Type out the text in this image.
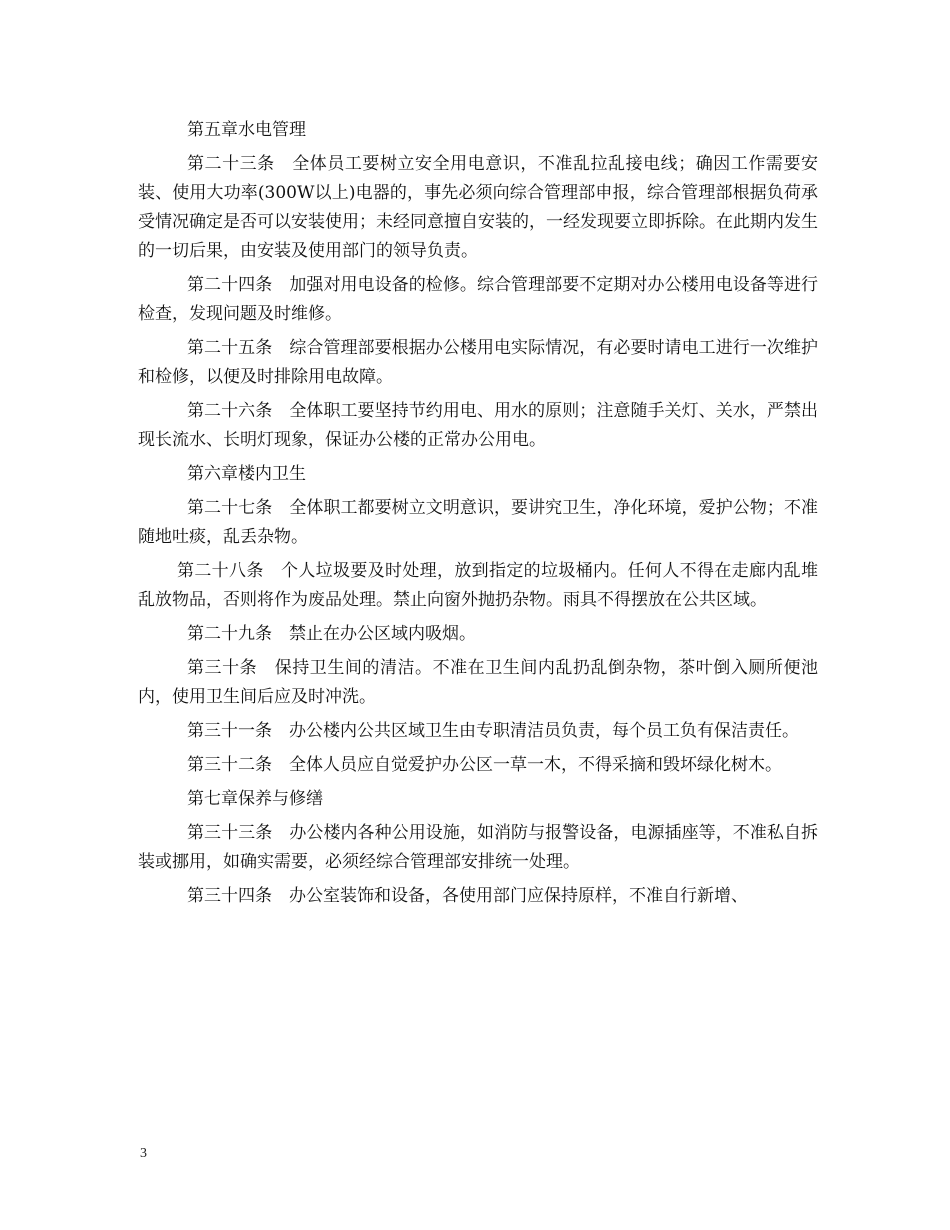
第五章水电管理

第二十三条　全体员工要树立安全用电意识，不准乱拉乱接电线；确因工作需要安装、使用大功率(300W以上)电器的，事先必须向综合管理部申报，综合管理部根据负荷承受情况确定是否可以安装使用；未经同意擅自安装的，一经发现要立即拆除。在此期内发生的一切后果，由安装及使用部门的领导负责。

第二十四条　加强对用电设备的检修。综合管理部要不定期对办公楼用电设备等进行检查，发现问题及时维修。

第二十五条　综合管理部要根据办公楼用电实际情况，有必要时请电工进行一次维护和检修，以便及时排除用电故障。

第二十六条　全体职工要坚持节约用电、用水的原则；注意随手关灯、关水，严禁出现长流水、长明灯现象，保证办公楼的正常办公用电。

第六章楼内卫生

第二十七条　全体职工都要树立文明意识，要讲究卫生，净化环境，爱护公物；不准随地吐痰，乱丢杂物。

第二十八条　个人垃圾要及时处理，放到指定的垃圾桶内。任何人不得在走廊内乱堆乱放物品，否则将作为废品处理。禁止向窗外抛扔杂物。雨具不得摆放在公共区域。

第二十九条　禁止在办公区域内吸烟。

第三十条　保持卫生间的清洁。不准在卫生间内乱扔乱倒杂物，茶叶倒入厕所便池内，使用卫生间后应及时冲洗。

第三十一条　办公楼内公共区域卫生由专职清洁员负责，每个员工负有保洁责任。

第三十二条　全体人员应自觉爱护办公区一草一木，不得采摘和毁坏绿化树木。

第七章保养与修缮

第三十三条　办公楼内各种公用设施，如消防与报警设备，电源插座等，不准私自拆装或挪用，如确实需要，必须经综合管理部安排统一处理。

第三十四条　办公室装饰和设备，各使用部门应保持原样，不准自行新增、

3
